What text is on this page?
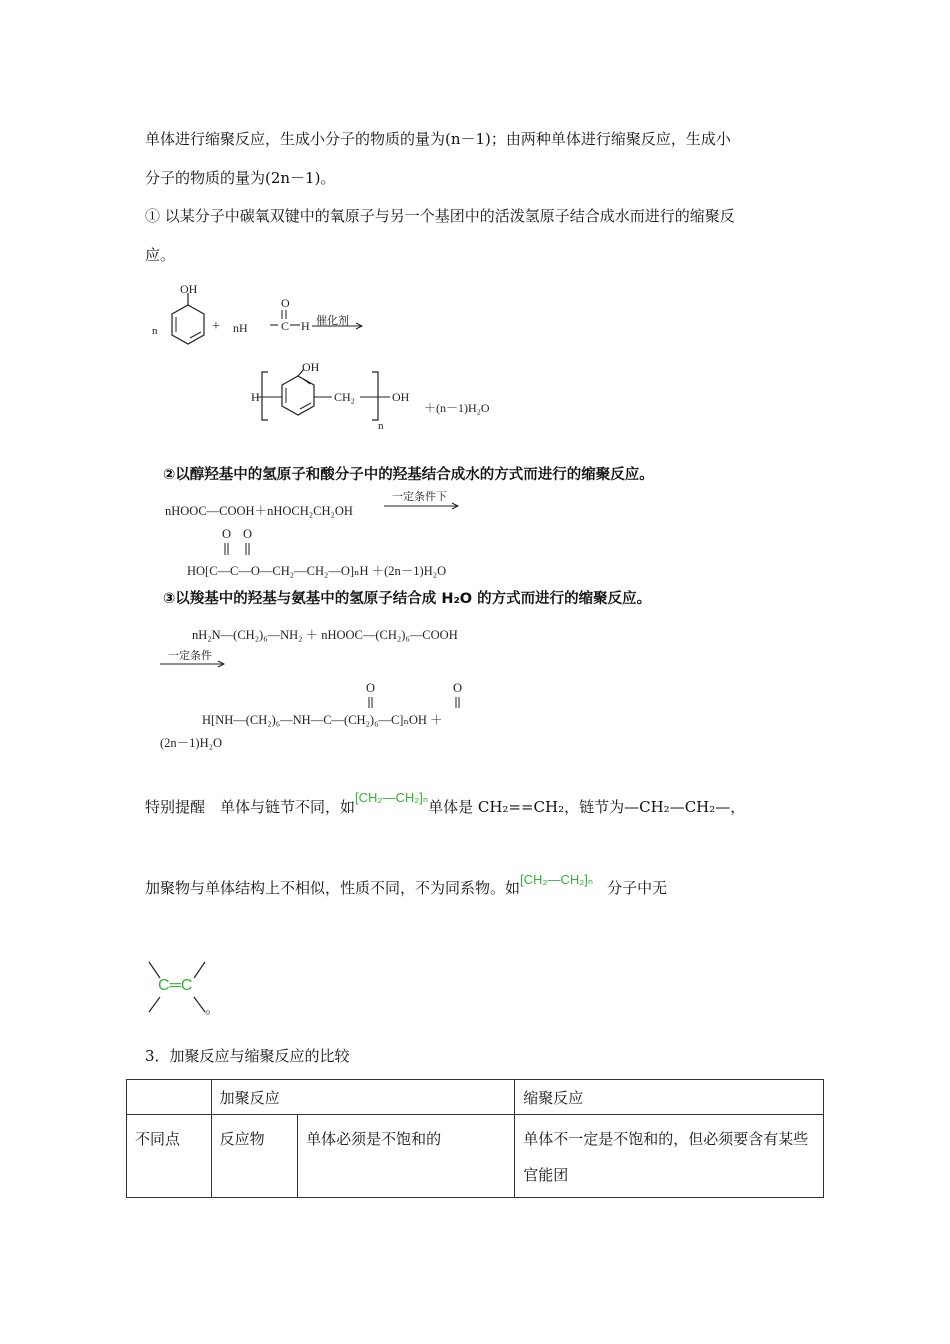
单体进行缩聚反应，生成小分子的物质的量为(n－1)；由两种单体进行缩聚反应，生成小
分子的物质的量为(2n－1)。
① 以某分子中碳氧双键中的氧原子与另一个基团中的活泼氢原子结合成水而进行的缩聚反
应。
OH
n	+ nH	C
O
H 催化剂
H
OH
CH₂	OH
n
＋(n－1)H₂O
②以醇羟基中的氢原子和酸分子中的羟基结合成水的方式而进行的缩聚反应。
nHOOC—COOH＋nHOCH₂CH₂OH
一定条件下
O O
HO[C—C—O—CH₂—CH₂—O]ₙH ＋(2n－1)H₂O
③以羧基中的羟基与氨基中的氢原子结合成 H₂O 的方式而进行的缩聚反应。
nH₂N—(CH₂)₆—NH₂ ＋ nHOOC—(CH₂)₆—COOH
一定条件
O	O
H[NH—(CH₂)₆—NH—C—(CH₂)₆—C]ₙOH ＋
(2n－1)H₂O
特别提醒　单体与链节不同，如[CH₂—CH₂]ₙ单体是 CH₂==CH₂，链节为—CH₂—CH₂—，
加聚物与单体结构上不相似，性质不同，不为同系物。如[CH₂—CH₂]ₙ 分子中无
C═C
。
3．加聚反应与缩聚反应的比较
	加聚反应		缩聚反应
不同点	反应物	单体必须是不饱和的	单体不一定是不饱和的，但必须要含有某些官能团
